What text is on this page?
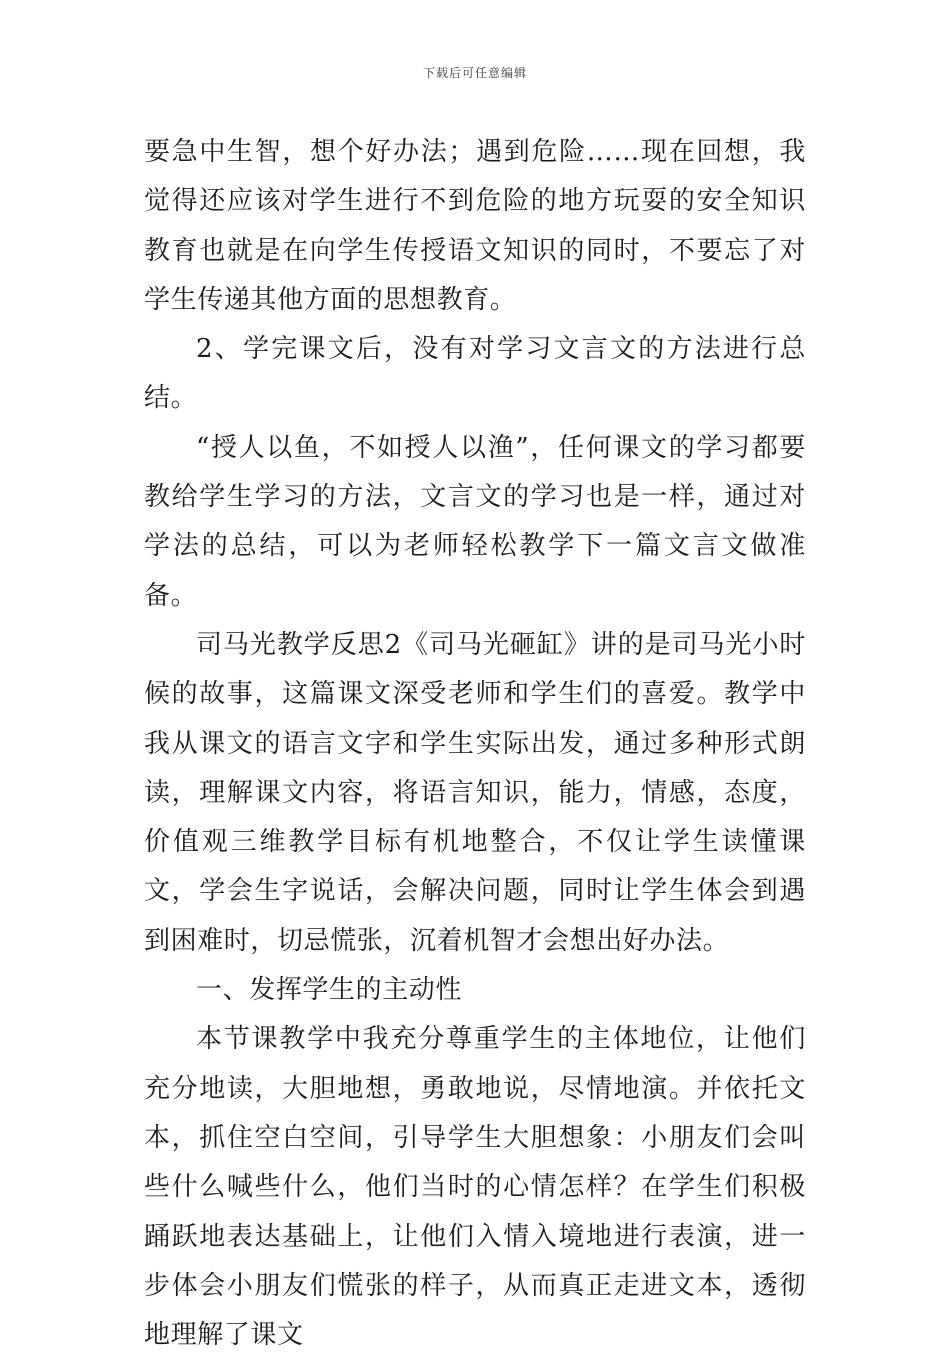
下载后可任意编辑

要急中生智，想个好办法；遇到危险……现在回想，我觉得还应该对学生进行不到危险的地方玩耍的安全知识教育也就是在向学生传授语文知识的同时，不要忘了对学生传递其他方面的思想教育。

2、学完课文后，没有对学习文言文的方法进行总结。

“授人以鱼，不如授人以渔”，任何课文的学习都要教给学生学习的方法，文言文的学习也是一样，通过对学法的总结，可以为老师轻松教学下一篇文言文做准备。

司马光教学反思2《司马光砸缸》讲的是司马光小时候的故事，这篇课文深受老师和学生们的喜爱。教学中我从课文的语言文字和学生实际出发，通过多种形式朗读，理解课文内容，将语言知识，能力，情感，态度，价值观三维教学目标有机地整合，不仅让学生读懂课文，学会生字说话，会解决问题，同时让学生体会到遇到困难时，切忌慌张，沉着机智才会想出好办法。

一、发挥学生的主动性

本节课教学中我充分尊重学生的主体地位，让他们充分地读，大胆地想，勇敢地说，尽情地演。并依托文本，抓住空白空间，引导学生大胆想象：小朋友们会叫些什么喊些什么，他们当时的心情怎样？在学生们积极踊跃地表达基础上，让他们入情入境地进行表演，进一步体会小朋友们慌张的样子，从而真正走进文本，透彻地理解了课文
